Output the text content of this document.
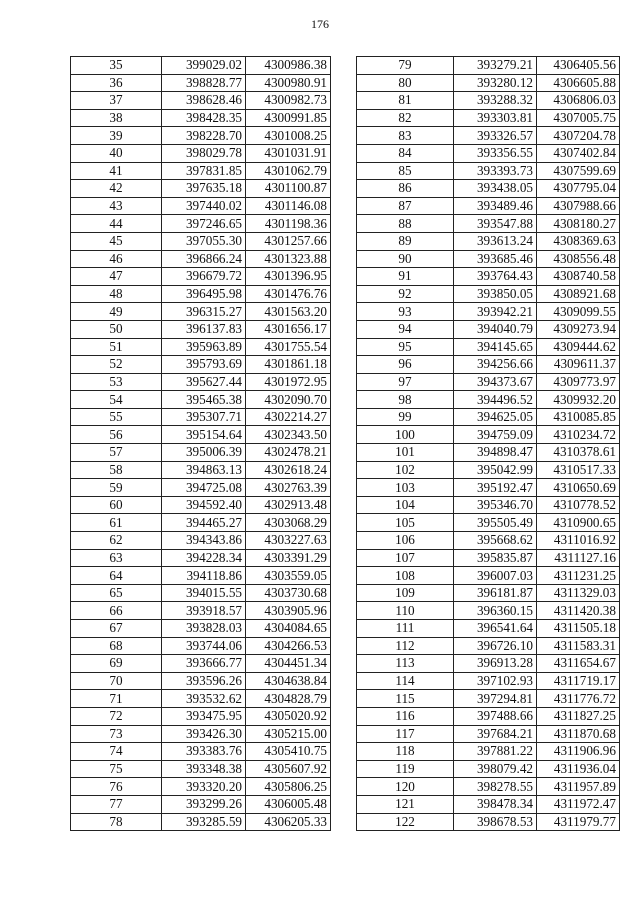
176
35	399029.02	4300986.38
36	398828.77	4300980.91
37	398628.46	4300982.73
38	398428.35	4300991.85
39	398228.70	4301008.25
40	398029.78	4301031.91
41	397831.85	4301062.79
42	397635.18	4301100.87
43	397440.02	4301146.08
44	397246.65	4301198.36
45	397055.30	4301257.66
46	396866.24	4301323.88
47	396679.72	4301396.95
48	396495.98	4301476.76
49	396315.27	4301563.20
50	396137.83	4301656.17
51	395963.89	4301755.54
52	395793.69	4301861.18
53	395627.44	4301972.95
54	395465.38	4302090.70
55	395307.71	4302214.27
56	395154.64	4302343.50
57	395006.39	4302478.21
58	394863.13	4302618.24
59	394725.08	4302763.39
60	394592.40	4302913.48
61	394465.27	4303068.29
62	394343.86	4303227.63
63	394228.34	4303391.29
64	394118.86	4303559.05
65	394015.55	4303730.68
66	393918.57	4303905.96
67	393828.03	4304084.65
68	393744.06	4304266.53
69	393666.77	4304451.34
70	393596.26	4304638.84
71	393532.62	4304828.79
72	393475.95	4305020.92
73	393426.30	4305215.00
74	393383.76	4305410.75
75	393348.38	4305607.92
76	393320.20	4305806.25
77	393299.26	4306005.48
78	393285.59	4306205.33
79	393279.21	4306405.56
80	393280.12	4306605.88
81	393288.32	4306806.03
82	393303.81	4307005.75
83	393326.57	4307204.78
84	393356.55	4307402.84
85	393393.73	4307599.69
86	393438.05	4307795.04
87	393489.46	4307988.66
88	393547.88	4308180.27
89	393613.24	4308369.63
90	393685.46	4308556.48
91	393764.43	4308740.58
92	393850.05	4308921.68
93	393942.21	4309099.55
94	394040.79	4309273.94
95	394145.65	4309444.62
96	394256.66	4309611.37
97	394373.67	4309773.97
98	394496.52	4309932.20
99	394625.05	4310085.85
100	394759.09	4310234.72
101	394898.47	4310378.61
102	395042.99	4310517.33
103	395192.47	4310650.69
104	395346.70	4310778.52
105	395505.49	4310900.65
106	395668.62	4311016.92
107	395835.87	4311127.16
108	396007.03	4311231.25
109	396181.87	4311329.03
110	396360.15	4311420.38
111	396541.64	4311505.18
112	396726.10	4311583.31
113	396913.28	4311654.67
114	397102.93	4311719.17
115	397294.81	4311776.72
116	397488.66	4311827.25
117	397684.21	4311870.68
118	397881.22	4311906.96
119	398079.42	4311936.04
120	398278.55	4311957.89
121	398478.34	4311972.47
122	398678.53	4311979.77
